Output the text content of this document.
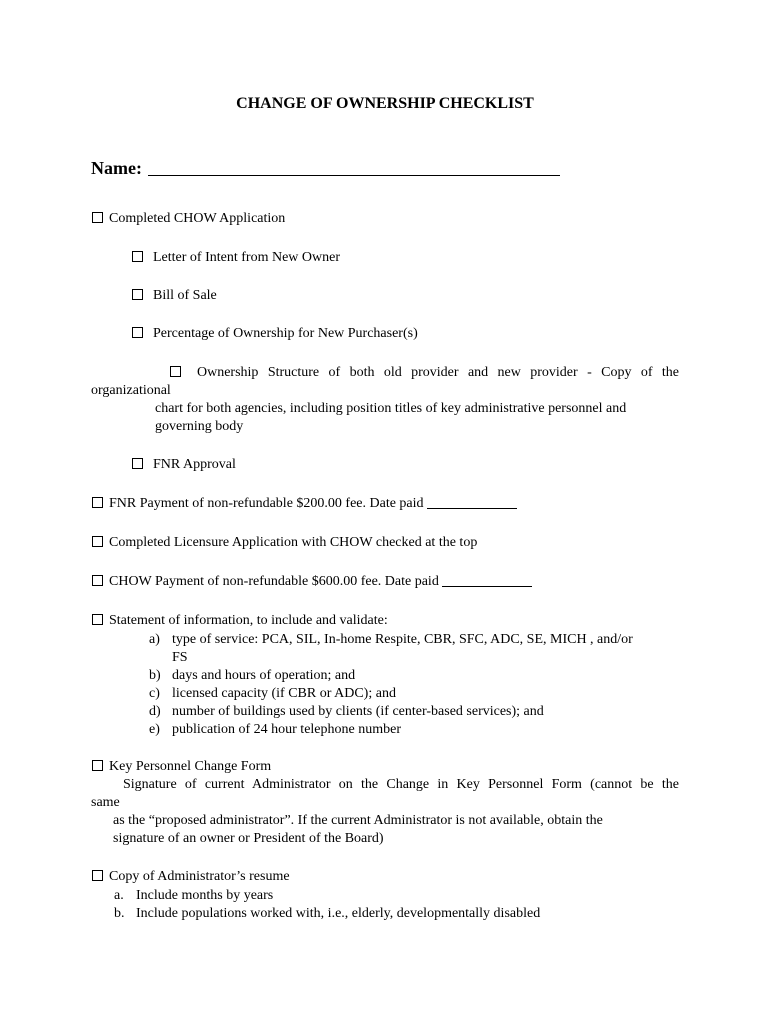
CHANGE OF OWNERSHIP CHECKLIST
Name:
Completed CHOW Application
Letter of Intent from New Owner
Bill of Sale
Percentage of Ownership for New Purchaser(s)
Ownership Structure of both old provider and new provider - Copy of the
organizational
chart for both agencies, including position titles of key administrative personnel and
governing body
FNR Approval
FNR Payment of non-refundable $200.00 fee. Date paid
Completed Licensure Application with CHOW checked at the top
CHOW Payment of non-refundable $600.00 fee. Date paid
Statement of information, to include and validate:
a) type of service: PCA, SIL, In-home Respite, CBR, SFC, ADC, SE, MICH , and/or
FS
b) days and hours of operation; and
c) licensed capacity (if CBR or ADC); and
d) number of buildings used by clients (if center-based services); and
e) publication of 24 hour telephone number
Key Personnel Change Form
Signature of current Administrator on the Change in Key Personnel Form (cannot be the
same
as the “proposed administrator”. If the current Administrator is not available, obtain the
signature of an owner or President of the Board)
Copy of Administrator’s resume
a. Include months by years
b. Include populations worked with, i.e., elderly, developmentally disabled
